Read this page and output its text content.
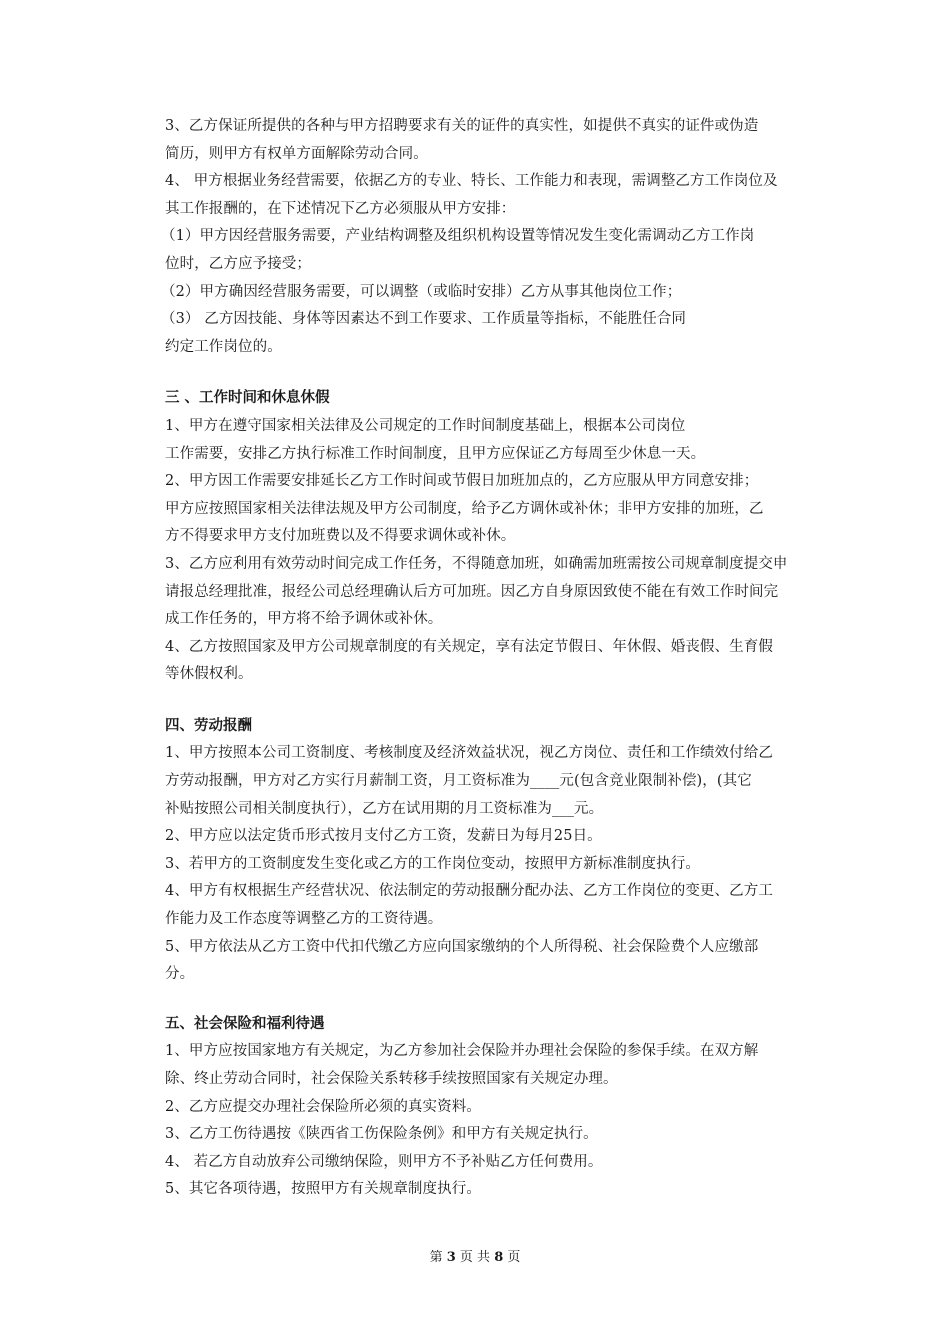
3、乙方保证所提供的各种与甲方招聘要求有关的证件的真实性，如提供不真实的证件或伪造
简历，则甲方有权单方面解除劳动合同。
4、 甲方根据业务经营需要，依据乙方的专业、特长、工作能力和表现，需调整乙方工作岗位及
其工作报酬的，在下述情况下乙方必须服从甲方安排：
（1）甲方因经营服务需要，产业结构调整及组织机构设置等情况发生变化需调动乙方工作岗
位时，乙方应予接受；
（2）甲方确因经营服务需要，可以调整（或临时安排）乙方从事其他岗位工作；
（3） 乙方因技能、身体等因素达不到工作要求、工作质量等指标，不能胜任合同
约定工作岗位的。
三 、工作时间和休息休假
1、甲方在遵守国家相关法律及公司规定的工作时间制度基础上，根据本公司岗位
工作需要，安排乙方执行标准工作时间制度，且甲方应保证乙方每周至少休息一天。
2、甲方因工作需要安排延长乙方工作时间或节假日加班加点的，乙方应服从甲方同意安排；
甲方应按照国家相关法律法规及甲方公司制度，给予乙方调休或补休；非甲方安排的加班，乙
方不得要求甲方支付加班费以及不得要求调休或补休。
3、乙方应利用有效劳动时间完成工作任务，不得随意加班，如确需加班需按公司规章制度提交申
请报总经理批准，报经公司总经理确认后方可加班。因乙方自身原因致使不能在有效工作时间完
成工作任务的，甲方将不给予调休或补休。
4、乙方按照国家及甲方公司规章制度的有关规定，享有法定节假日、年休假、婚丧假、生育假
等休假权利。
四、劳动报酬
1、甲方按照本公司工资制度、考核制度及经济效益状况，视乙方岗位、责任和工作绩效付给乙
方劳动报酬，甲方对乙方实行月薪制工资，月工资标准为____元(包含竞业限制补偿)，(其它
补贴按照公司相关制度执行），乙方在试用期的月工资标准为___元。
2、甲方应以法定货币形式按月支付乙方工资，发薪日为每月25日。
3、若甲方的工资制度发生变化或乙方的工作岗位变动，按照甲方新标准制度执行。
4、甲方有权根据生产经营状况、依法制定的劳动报酬分配办法、乙方工作岗位的变更、乙方工
作能力及工作态度等调整乙方的工资待遇。
5、甲方依法从乙方工资中代扣代缴乙方应向国家缴纳的个人所得税、社会保险费个人应缴部
分。
五、社会保险和福利待遇
1、甲方应按国家地方有关规定，为乙方参加社会保险并办理社会保险的参保手续。在双方解
除、终止劳动合同时，社会保险关系转移手续按照国家有关规定办理。
2、乙方应提交办理社会保险所必须的真实资料。
3、乙方工伤待遇按《陕西省工伤保险条例》和甲方有关规定执行。
4、 若乙方自动放弃公司缴纳保险，则甲方不予补贴乙方任何费用。
5、其它各项待遇，按照甲方有关规章制度执行。
第 3 页 共 8 页
